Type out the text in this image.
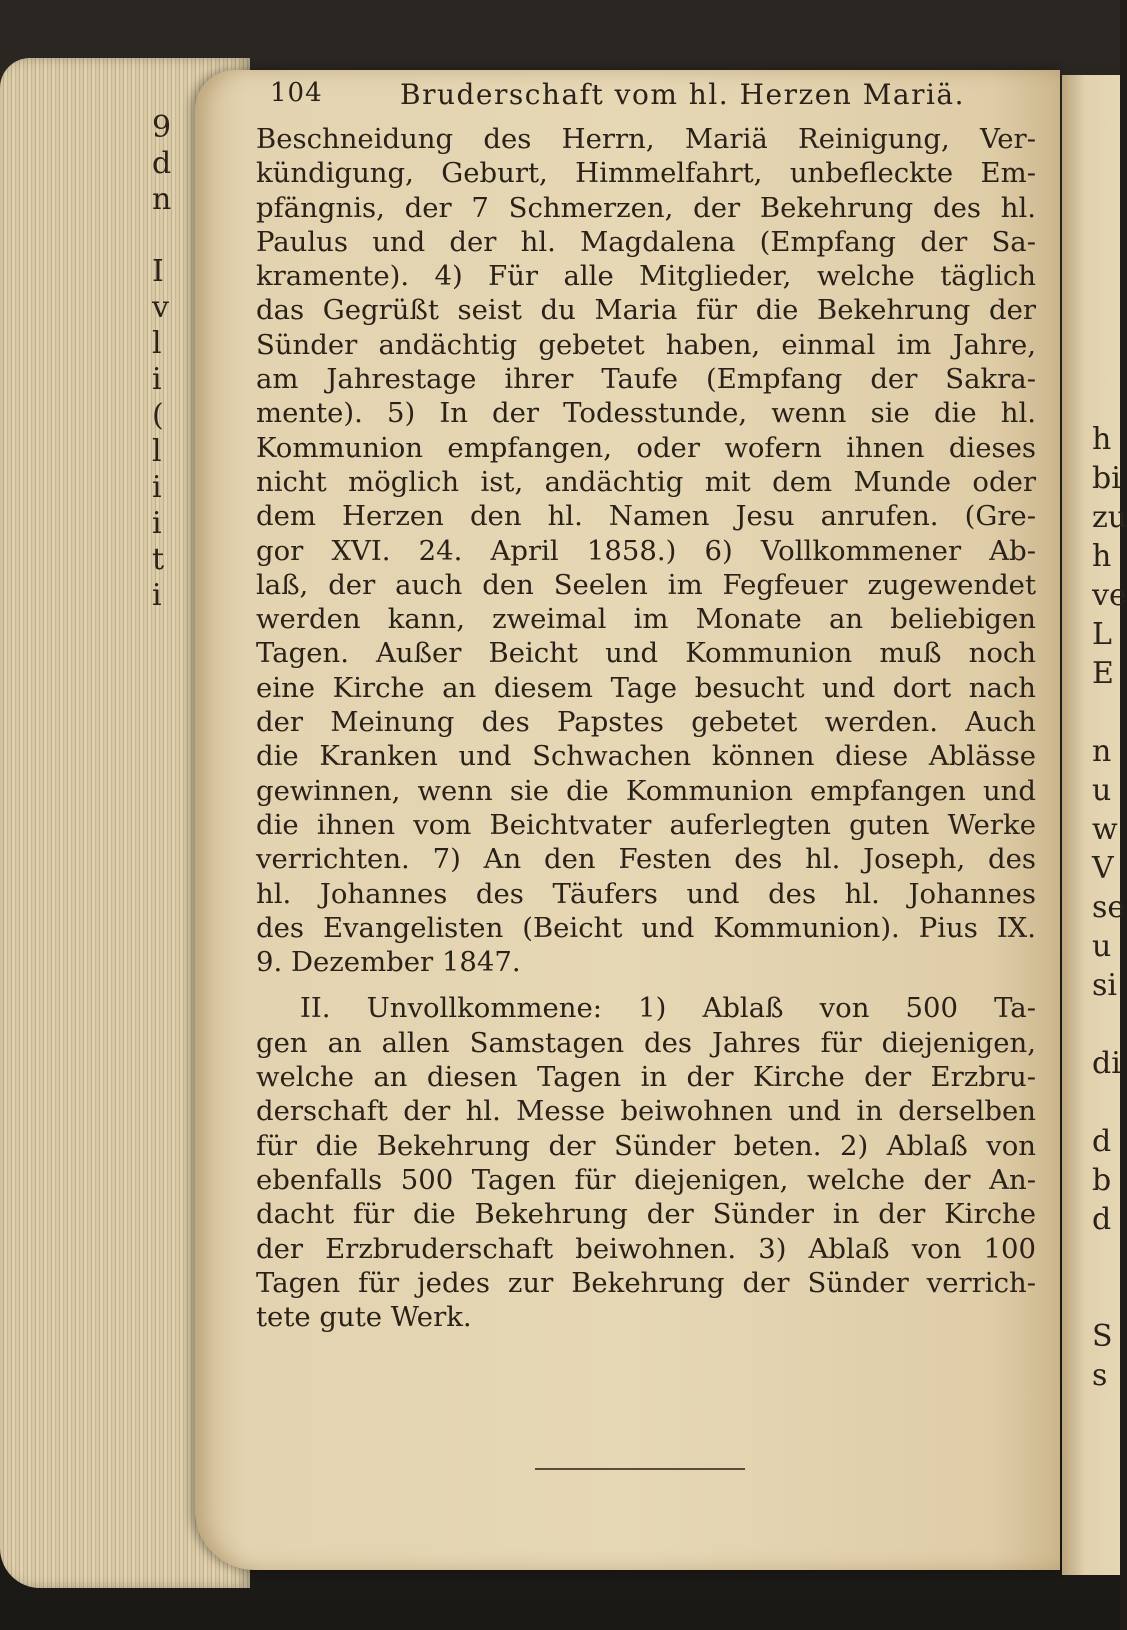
9
d
n

I
v
l
i
(
l
i
i
t
i
h
bi
zu
h
ve
L
E

n
u
w
V
se
u
si

di

d
b
d

S
s
104	Bruderschaft vom hl. Herzen Mariä.
Beschneidung des Herrn, Mariä Reinigung, Ver-
kündigung, Geburt, Himmelfahrt, unbefleckte Em-
pfängnis, der 7 Schmerzen, der Bekehrung des hl.
Paulus und der hl. Magdalena (Empfang der Sa-
kramente). 4) Für alle Mitglieder, welche täglich
das Gegrüßt seist du Maria für die Bekehrung der
Sünder andächtig gebetet haben, einmal im Jahre,
am Jahrestage ihrer Taufe (Empfang der Sakra-
mente). 5) In der Todesstunde, wenn sie die hl.
Kommunion empfangen, oder wofern ihnen dieses
nicht möglich ist, andächtig mit dem Munde oder
dem Herzen den hl. Namen Jesu anrufen. (Gre-
gor XVI. 24. April 1858.) 6) Vollkommener Ab-
laß, der auch den Seelen im Fegfeuer zugewendet
werden kann, zweimal im Monate an beliebigen
Tagen. Außer Beicht und Kommunion muß noch
eine Kirche an diesem Tage besucht und dort nach
der Meinung des Papstes gebetet werden. Auch
die Kranken und Schwachen können diese Ablässe
gewinnen, wenn sie die Kommunion empfangen und
die ihnen vom Beichtvater auferlegten guten Werke
verrichten. 7) An den Festen des hl. Joseph, des
hl. Johannes des Täufers und des hl. Johannes
des Evangelisten (Beicht und Kommunion). Pius IX.
9. Dezember 1847.
II. Unvollkommene: 1) Ablaß von 500 Ta-
gen an allen Samstagen des Jahres für diejenigen,
welche an diesen Tagen in der Kirche der Erzbru-
derschaft der hl. Messe beiwohnen und in derselben
für die Bekehrung der Sünder beten. 2) Ablaß von
ebenfalls 500 Tagen für diejenigen, welche der An-
dacht für die Bekehrung der Sünder in der Kirche
der Erzbruderschaft beiwohnen. 3) Ablaß von 100
Tagen für jedes zur Bekehrung der Sünder verrich-
tete gute Werk.
